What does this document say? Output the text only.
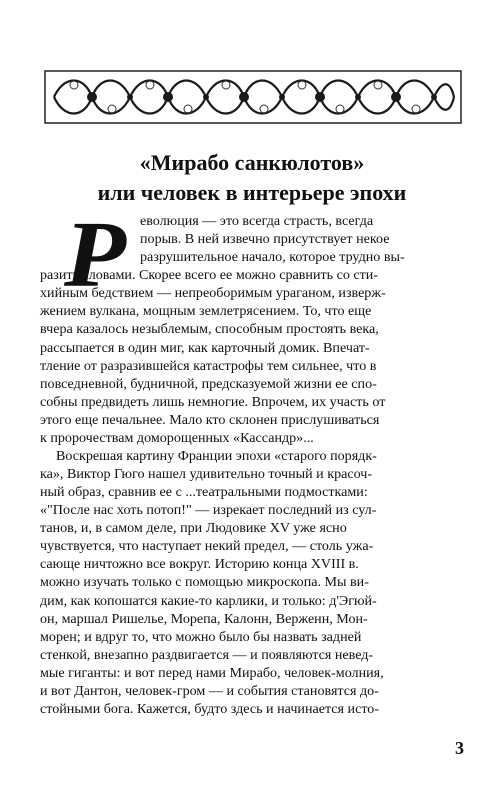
«Мирабо санкюлотов»
или человек в интерьере эпохи
Р еволюция — это всегда страсть, всегда
порыв. В ней извечно присутствует некое
разрушительное начало, которое трудно вы-
разить словами. Скорее всего ее можно сравнить со сти-
хийным бедствием — непреоборимым ураганом, изверж-
жением вулкана, мощным землетрясением. То, что еще
вчера казалось незыблемым, способным простоять века,
рассыпается в один миг, как карточный домик. Впечат-
тление от разразившейся катастрофы тем сильнее, что в
повседневной, будничной, предсказуемой жизни ее спо-
собны предвидеть лишь немногие. Впрочем, их участь от
этого еще печальнее. Мало кто склонен прислушиваться
к пророчествам доморощенных «Кассандр»...
Воскрешая картину Франции эпохи «старого порядк-
ка», Виктор Гюго нашел удивительно точный и красоч-
ный образ, сравнив ее с ...театральными подмостками:
«"После нас хоть потоп!" — изрекает последний из сул-
танов, и, в самом деле, при Людовике XV уже ясно
чувствуется, что наступает некий предел, — столь ужа-
сающе ничтожно все вокруг. Историю конца XVIII в.
можно изучать только с помощью микроскопа. Мы ви-
дим, как копошатся какие-то карлики, и только: д'Эгюй-
он, маршал Ришелье, Морепа, Калонн, Верженн, Мон-
морен; и вдруг то, что можно было бы назвать задней
стенкой, внезапно раздвигается — и появляются невед-
мые гиганты: и вот перед нами Мирабо, человек-молния,
и вот Дантон, человек-гром — и события становятся до-
стойными бога. Кажется, будто здесь и начинается исто-
3
